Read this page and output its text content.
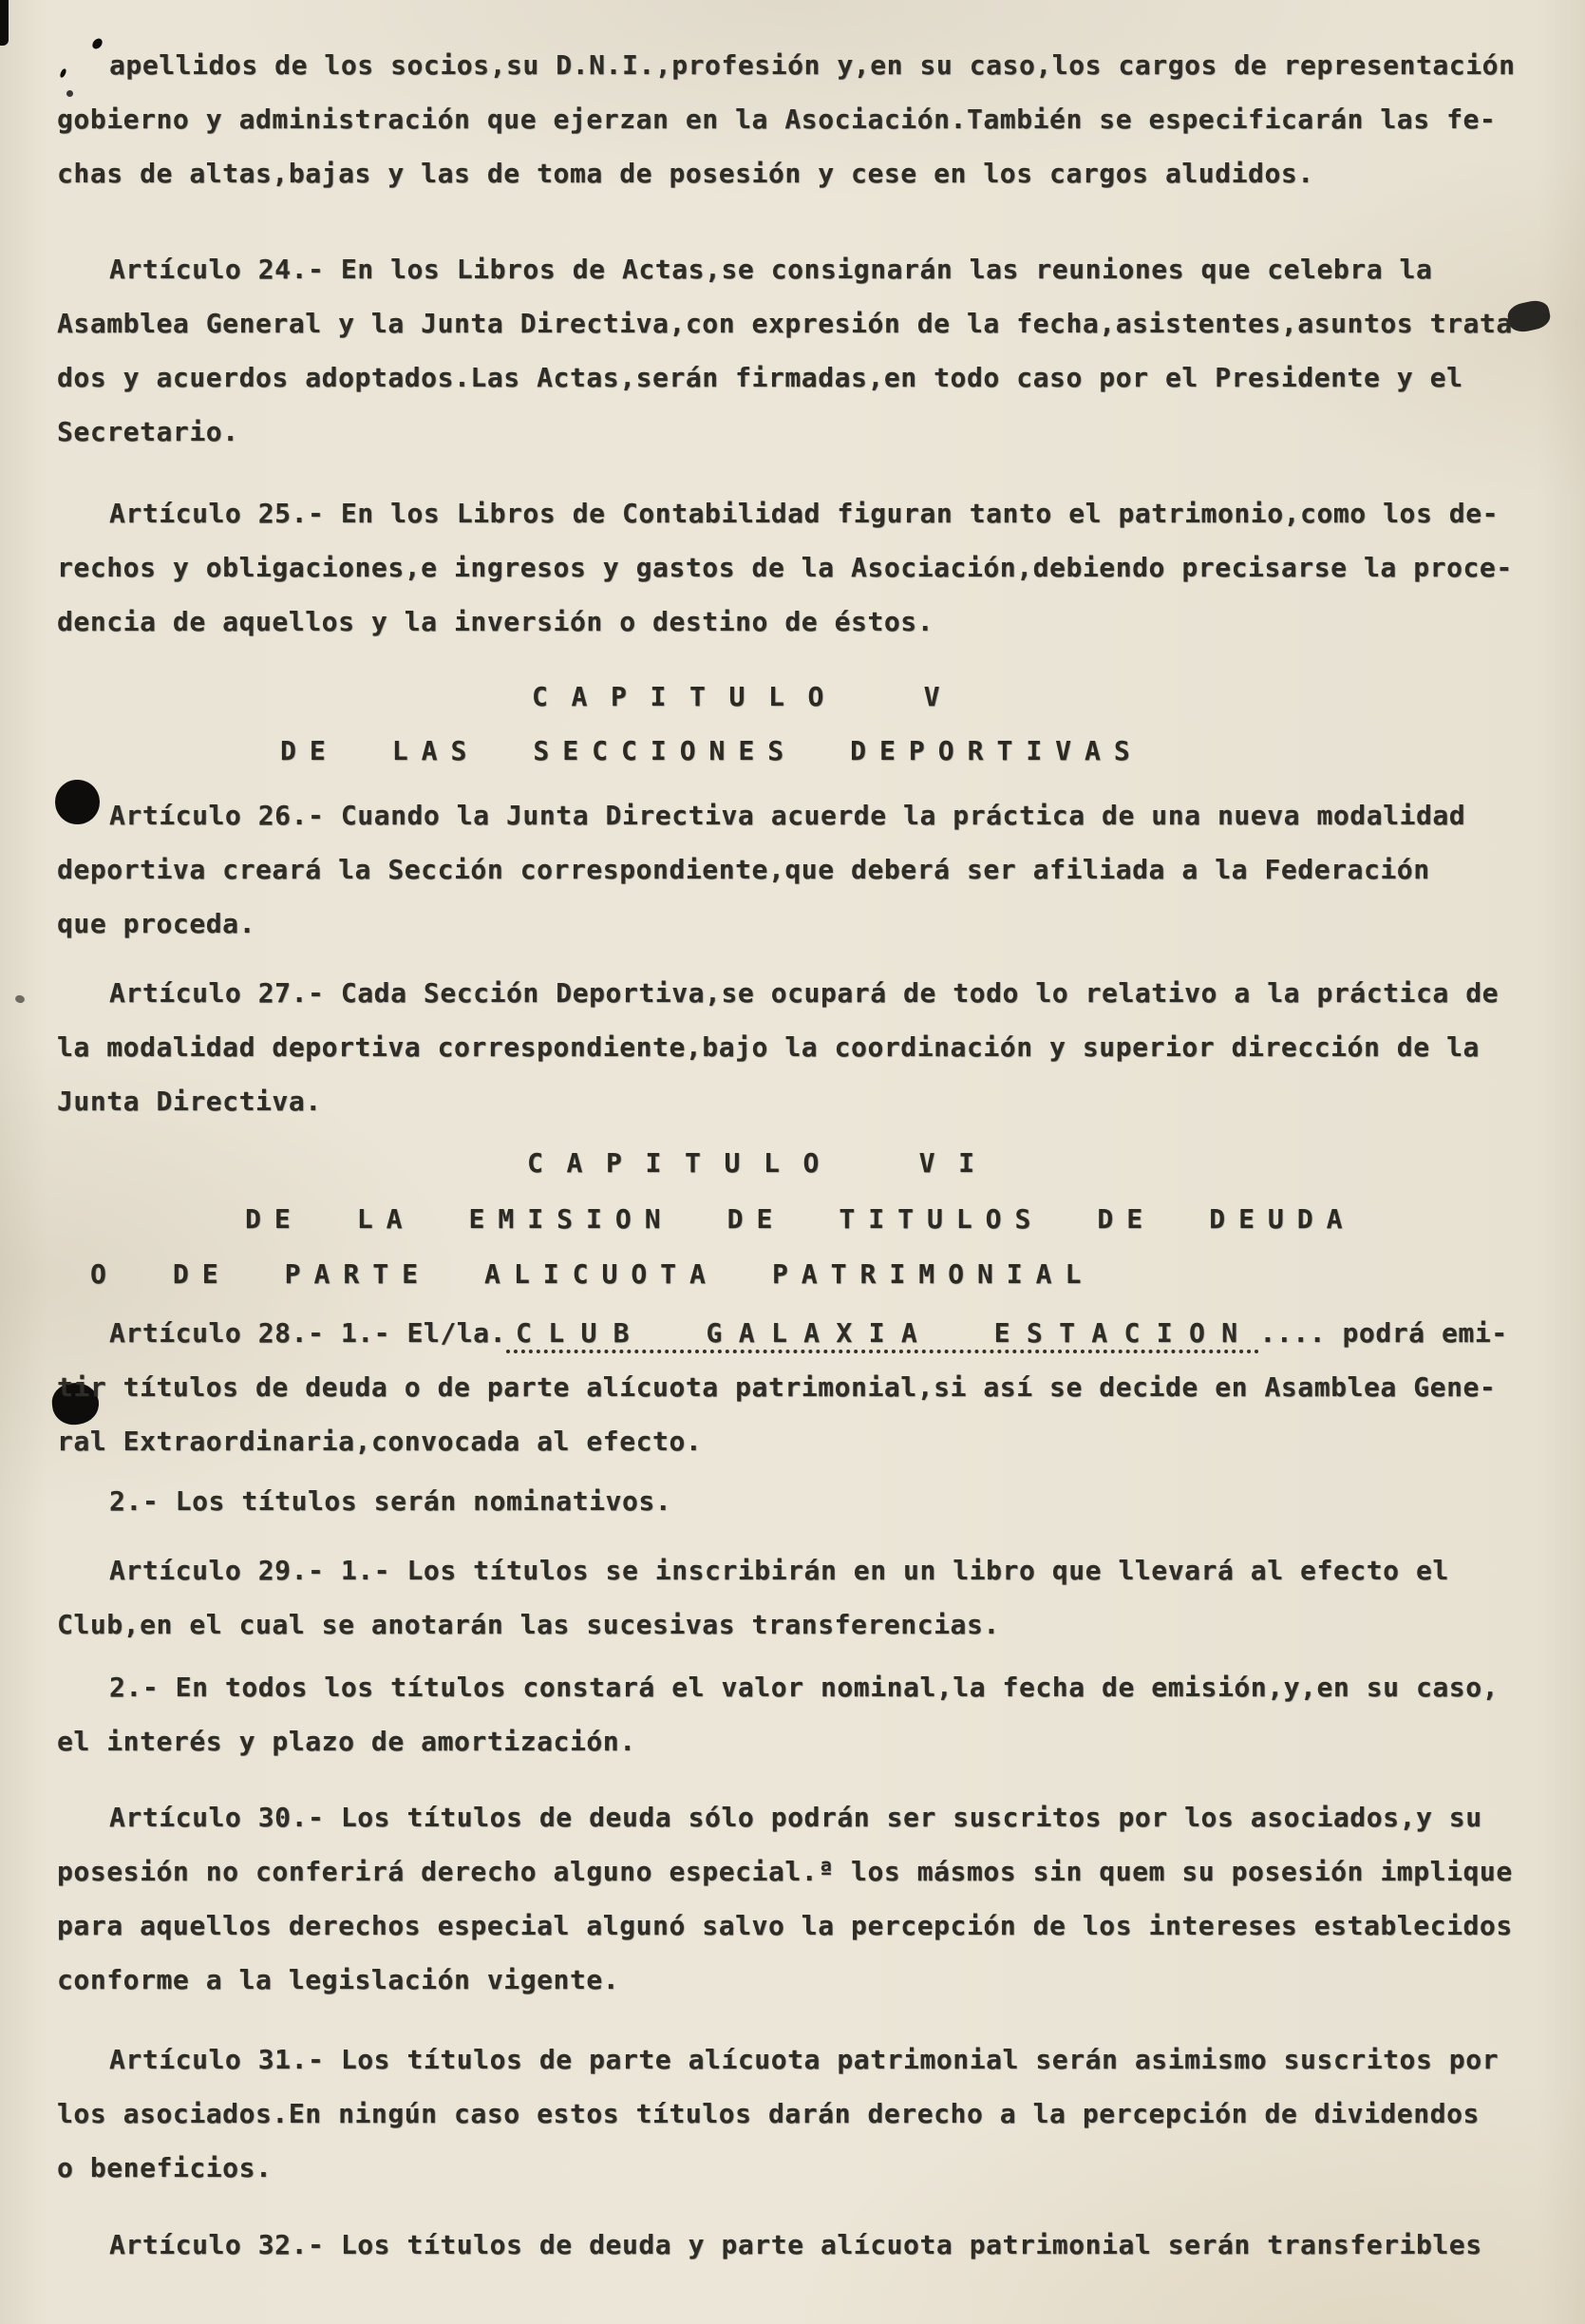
apellidos de los socios,su D.N.I.,profesión y,en su caso,los cargos de representación
gobierno y administración que ejerzan en la Asociación.También se especificarán las fe-
chas de altas,bajas y las de toma de posesión y cese en los cargos aludidos.
Artículo 24.- En los Libros de Actas,se consignarán las reuniones que celebra la
Asamblea General y la Junta Directiva,con expresión de la fecha,asistentes,asuntos trata
dos y acuerdos adoptados.Las Actas,serán firmadas,en todo caso por el Presidente y el
Secretario.
Artículo 25.- En los Libros de Contabilidad figuran tanto el patrimonio,como los de-
rechos y obligaciones,e ingresos y gastos de la Asociación,debiendo precisarse la proce-
dencia de aquellos y la inversión o destino de éstos.
CAPITULO V
DE LAS SECCIONES DEPORTIVAS
Artículo 26.- Cuando la Junta Directiva acuerde la práctica de una nueva modalidad
deportiva creará la Sección correspondiente,que deberá ser afiliada a la Federación
que proceda.
Artículo 27.- Cada Sección Deportiva,se ocupará de todo lo relativo a la práctica de
la modalidad deportiva correspondiente,bajo la coordinación y superior dirección de la
Junta Directiva.
CAPITULO VI
DE LA EMISION DE TITULOS DE DEUDA
O DE PARTE ALICUOTA PATRIMONIAL
Artículo 28.- 1.- El/la. CLUB GALAXIA ESTACION .... podrá emi-
tir títulos de deuda o de parte alícuota patrimonial,si así se decide en Asamblea Gene-
ral Extraordinaria,convocada al efecto.
2.- Los títulos serán nominativos.
Artículo 29.- 1.- Los títulos se inscribirán en un libro que llevará al efecto el
Club,en el cual se anotarán las sucesivas transferencias.
2.- En todos los títulos constará el valor nominal,la fecha de emisión,y,en su caso,
el interés y plazo de amortización.
Artículo 30.- Los títulos de deuda sólo podrán ser suscritos por los asociados,y su
posesión no conferirá derecho alguno especial.ª los másmos sin quem su posesión implique
para aquellos derechos especial algunó salvo la percepción de los intereses establecidos
conforme a la legislación vigente.
Artículo 31.- Los títulos de parte alícuota patrimonial serán asimismo suscritos por
los asociados.En ningún caso estos títulos darán derecho a la percepción de dividendos
o beneficios.
Artículo 32.- Los títulos de deuda y parte alícuota patrimonial serán transferibles
